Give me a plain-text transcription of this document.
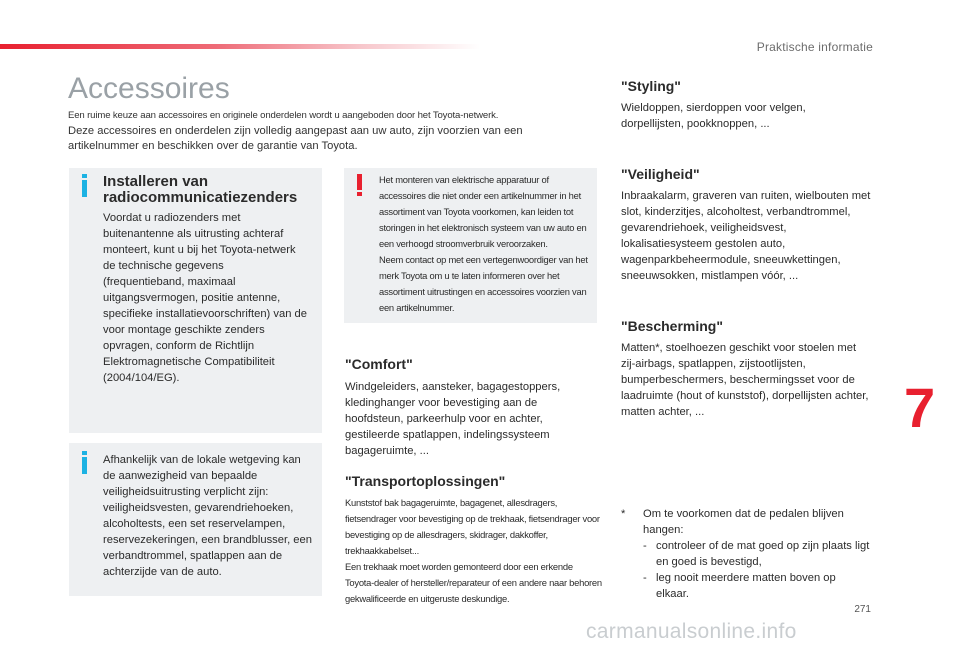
Praktische informatie
Accessoires

Een ruime keuze aan accessoires en originele onderdelen wordt u aangeboden door het Toyota-netwerk.

Deze accessoires en onderdelen zijn volledig aangepast aan uw auto, zijn voorzien van een artikelnummer en beschikken over de garantie van Toyota.

Installeren van
radiocommunicatiezenders
Voordat u radiozenders met buitenantenne als uitrusting achteraf monteert, kunt u bij het Toyota-netwerk de technische gegevens (frequentieband, maximaal uitgangsvermogen, positie antenne, specifieke installatievoorschriften) van de voor montage geschikte zenders opvragen, conform de Richtlijn Elektromagnetische Compatibiliteit (2004/104/EG).
Afhankelijk van de lokale wetgeving kan de aanwezigheid van bepaalde veiligheidsuitrusting verplicht zijn: veiligheidsvesten, gevarendriehoeken, alcoholtests, een set reservelampen, reservezekeringen, een brandblusser, een verbandtrommel, spatlappen aan de achterzijde van de auto.

Het monteren van elektrische apparatuur of accessoires die niet onder een artikelnummer in het assortiment van Toyota voorkomen, kan leiden tot storingen in het elektronisch systeem van uw auto en een verhoogd stroomverbruik veroorzaken.

Neem contact op met een vertegenwoordiger van het merk Toyota om u te laten informeren over het assortiment uitrustingen en accessoires voorzien van een artikelnummer.

"Comfort"
Windgeleiders, aansteker, bagagestoppers, kledinghanger voor bevestiging aan de hoofdsteun, parkeerhulp voor en achter, gestileerde spatlappen, indelingssysteem bagageruimte, ...
"Transportoplossingen"

Kunststof bak bagageruimte, bagagenet, allesdragers, fietsendrager voor bevestiging op de trekhaak, fietsendrager voor bevestiging op de allesdragers, skidrager, dakkoffer, trekhaakkabelset...

Een trekhaak moet worden gemonteerd door een erkende Toyota-dealer of hersteller/reparateur of een andere naar behoren gekwalificeerde en uitgeruste deskundige.

"Styling"
Wieldoppen, sierdoppen voor velgen, dorpellijsten, pookknoppen, ...
"Veiligheid"
Inbraakalarm, graveren van ruiten, wielbouten met slot, kinderzitjes, alcoholtest, verbandtrommel, gevarendriehoek, veiligheidsvest, lokalisatiesysteem gestolen auto, wagenparkbeheermodule, sneeuwkettingen, sneeuwsokken, mistlampen vóór, ...
"Bescherming"
Matten*, stoelhoezen geschikt voor stoelen met zij-airbags, spatlappen, zijstootlijsten, bumperbeschermers, beschermingsset voor de laadruimte (hout of kunststof), dorpellijsten achter, matten achter, ...
* Om te voorkomen dat de pedalen blijven hangen:
- controleer of de mat goed op zijn plaats ligt en goed is bevestigd,
- leg nooit meerdere matten boven op elkaar.
7
271
carmanualsonline.info
